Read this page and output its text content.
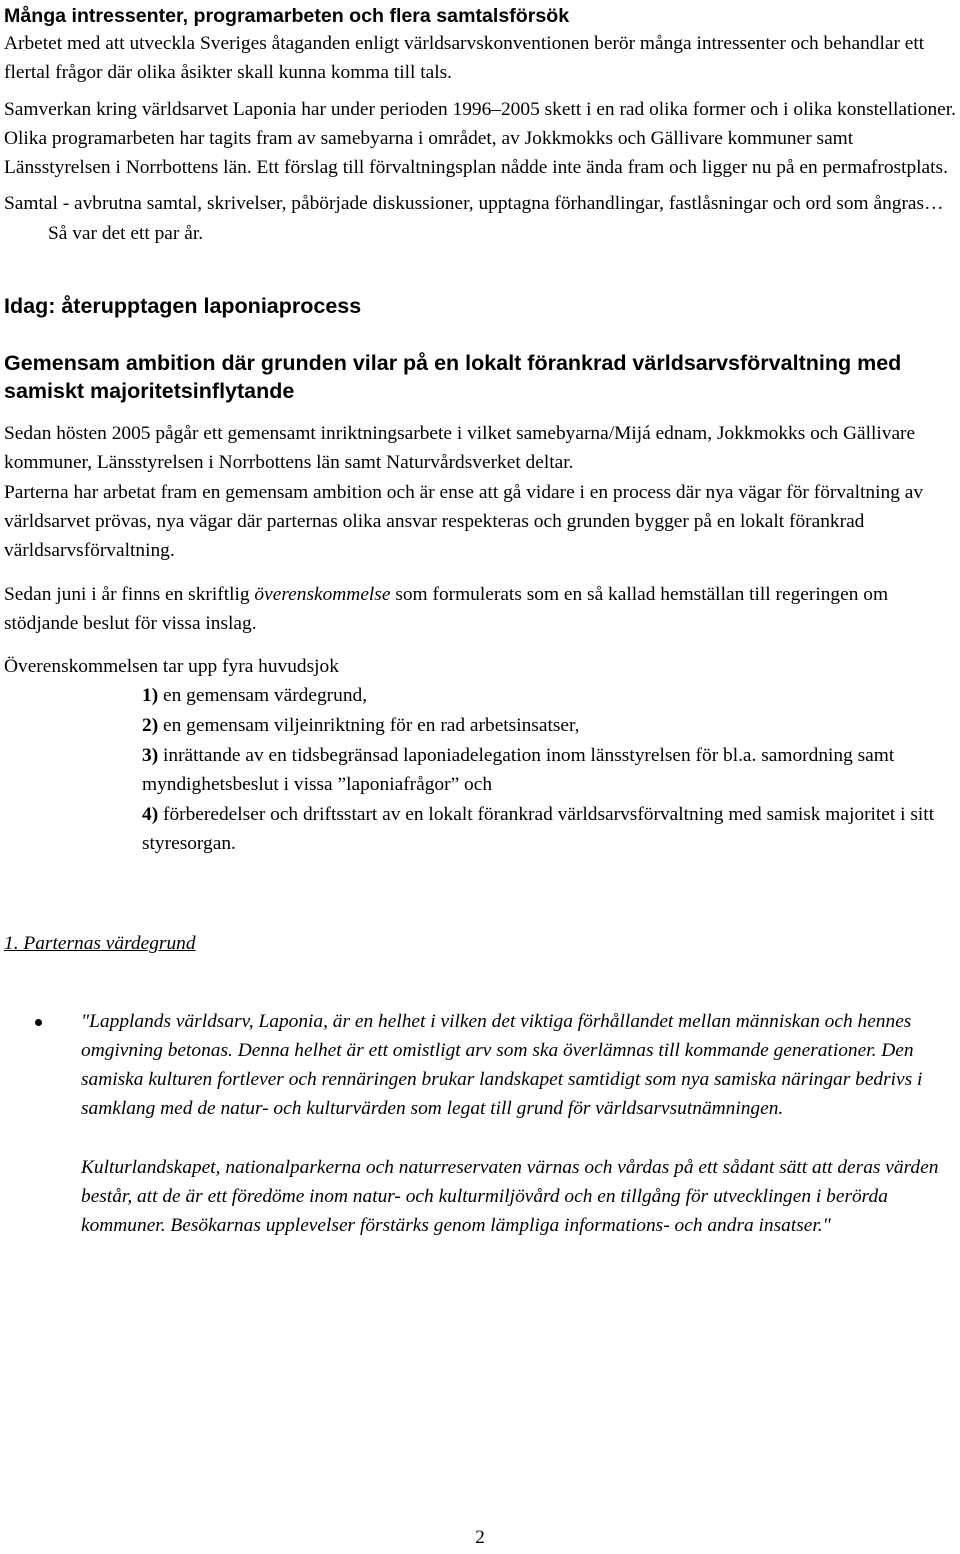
Många intressenter, programarbeten och flera samtalsförsök

Arbetet med att utveckla Sveriges åtaganden enligt världsarvskonventionen berör många intressenter och behandlar ett flertal frågor där olika åsikter skall kunna komma till tals.

Samverkan kring världsarvet Laponia har under perioden 1996–2005 skett i en rad olika former och i olika konstellationer. Olika programarbeten har tagits fram av samebyarna i området, av Jokkmokks och Gällivare kommuner samt Länsstyrelsen i Norrbottens län. Ett förslag till förvaltningsplan nådde inte ända fram och ligger nu på en permafrostplats.

Samtal - avbrutna samtal, skrivelser, påbörjade diskussioner, upptagna förhandlingar, fastlåsningar och ord som ångras…Så var det ett par år.

Idag: återupptagen laponiaprocess

Gemensam ambition där grunden vilar på en lokalt förankrad världsarvsförvaltning med samiskt majoritetsinflytande

Sedan hösten 2005 pågår ett gemensamt inriktningsarbete i vilket samebyarna/Mijá ednam, Jokkmokks och Gällivare kommuner, Länsstyrelsen i Norrbottens län samt Naturvårdsverket deltar.

Parterna har arbetat fram en gemensam ambition och är ense att gå vidare i en process där nya vägar för förvaltning av världsarvet prövas, nya vägar där parternas olika ansvar respekteras och grunden bygger på en lokalt förankrad världsarvsförvaltning.

Sedan juni i år finns en skriftlig överenskommelse som formulerats som en så kallad hemställan till regeringen om stödjande beslut för vissa inslag.

Överenskommelsen tar upp fyra huvudsjok

1) en gemensam värdegrund,
2) en gemensam viljeinriktning för en rad arbetsinsatser,
3) inrättande av en tidsbegränsad laponiadelegation inom länsstyrelsen för bl.a. samordning samt myndighetsbeslut i vissa ”laponiafrågor” och
4) förberedelser och driftsstart av en lokalt förankrad världsarvsförvaltning med samisk majoritet i sitt styresorgan.

1. Parternas värdegrund

"Lapplands världsarv, Laponia, är en helhet i vilken det viktiga förhållandet mellan människan och hennes omgivning betonas. Denna helhet är ett omistligt arv som ska överlämnas till kommande generationer. Den samiska kulturen fortlever och rennäringen brukar landskapet samtidigt som nya samiska näringar bedrivs i samklang med de natur- och kulturvärden som legat till grund för världsarvsutnämningen.

Kulturlandskapet, nationalparkerna och naturreservaten värnas och vårdas på ett sådant sätt att deras värden består, att de är ett föredöme inom natur- och kulturmiljövård och en tillgång för utvecklingen i berörda kommuner. Besökarnas upplevelser förstärks genom lämpliga informations- och andra insatser."

2
